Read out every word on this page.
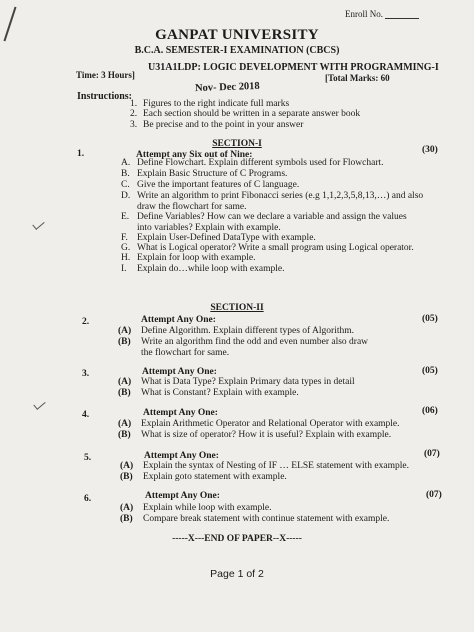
Enroll No.
GANPAT UNIVERSITY
B.C.A. SEMESTER-I EXAMINATION (CBCS)
U31A1LDP: LOGIC DEVELOPMENT WITH PROGRAMMING-I
Time: 3 Hours]	[Total Marks: 60
Nov- Dec 2018
Instructions:
1. Figures to the right indicate full marks
2. Each section should be written in a separate answer book
3. Be precise and to the point in your answer
SECTION-I
1.	Attempt any Six out of Nine:	(30)
A. Define Flowchart. Explain different symbols used for Flowchart.
B. Explain Basic Structure of C Programs.
C. Give the important features of C language.
D. Write an algorithm to print Fibonacci series (e.g 1,1,2,3,5,8,13,…) and also
draw the flowchart for same.
E. Define Variables? How can we declare a variable and assign the values
into variables? Explain with example.
F. Explain User-Defined DataType with example.
G. What is Logical operator? Write a small program using Logical operator.
H. Explain for loop with example.
I. Explain do…while loop with example.
SECTION-II
2.	Attempt Any One:	(05)
(A) Define Algorithm. Explain different types of Algorithm.
(B) Write an algorithm find the odd and even number also draw
the flowchart for same.
3.	Attempt Any One:	(05)
(A) What is Data Type? Explain Primary data types in detail
(B) What is Constant? Explain with example.
4.	Attempt Any One:	(06)
(A) Explain Arithmetic Operator and Relational Operator with example.
(B) What is size of operator? How it is useful? Explain with example.
5.	Attempt Any One:	(07)
(A) Explain the syntax of Nesting of IF … ELSE statement with example.
(B) Explain goto statement with example.
6.	Attempt Any One:	(07)
(A) Explain while loop with example.
(B) Compare break statement with continue statement with example.
-----X---END OF PAPER--X-----
Page 1 of 2
